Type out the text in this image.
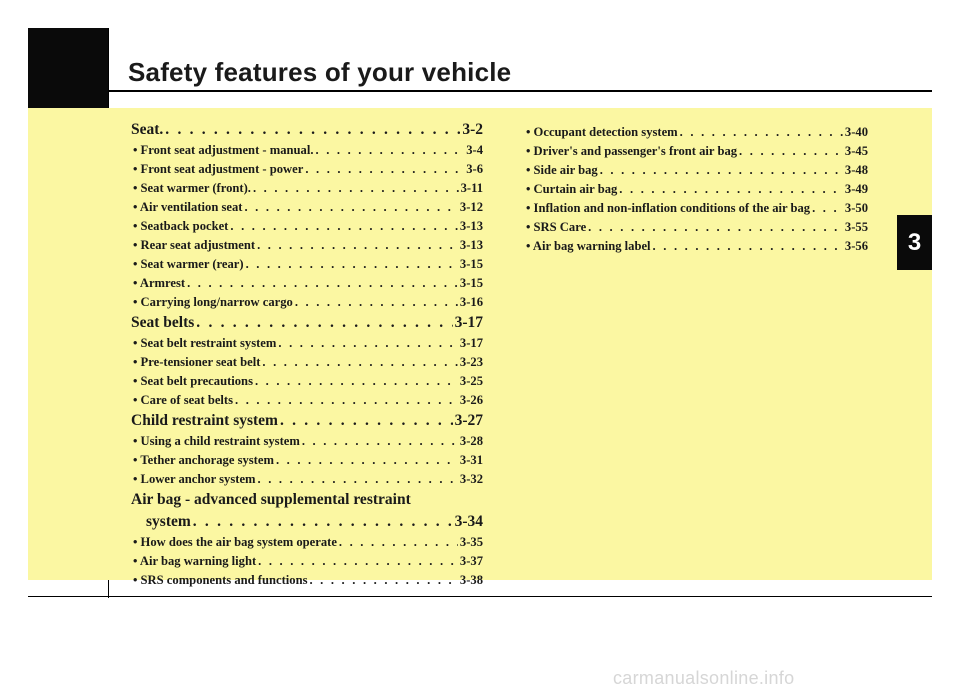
Safety features of your vehicle
3
Seat. . . .	3-2
• Front seat adjustment - manual. . . .	3-4
• Front seat adjustment - power . . .	3-6
• Seat warmer (front). . . .	3-11
• Air ventilation seat . . .	3-12
• Seatback pocket . . .	3-13
• Rear seat adjustment . . .	3-13
• Seat warmer (rear) . . .	3-15
• Armrest . . .	3-15
• Carrying long/narrow cargo . . .	3-16
Seat belts . . .	3-17
• Seat belt restraint system . . .	3-17
• Pre-tensioner seat belt . . .	3-23
• Seat belt precautions . . .	3-25
• Care of seat belts . . .	3-26
Child restraint system . . .	3-27
• Using a child restraint system . . .	3-28
• Tether anchorage system . . .	3-31
• Lower anchor system . . .	3-32
Air bag - advanced supplemental restraint
system . . .	3-34
• How does the air bag system operate . . .	3-35
• Air bag warning light . . .	3-37
• SRS components and functions . . .	3-38
• Occupant detection system . . .	3-40
• Driver's and passenger's front air bag . . .	3-45
• Side air bag . . .	3-48
• Curtain air bag . . .	3-49
• Inflation and non-inflation conditions of the air bag . . .	3-50
• SRS Care . . .	3-55
• Air bag warning label . . .	3-56
carmanualsonline.info
